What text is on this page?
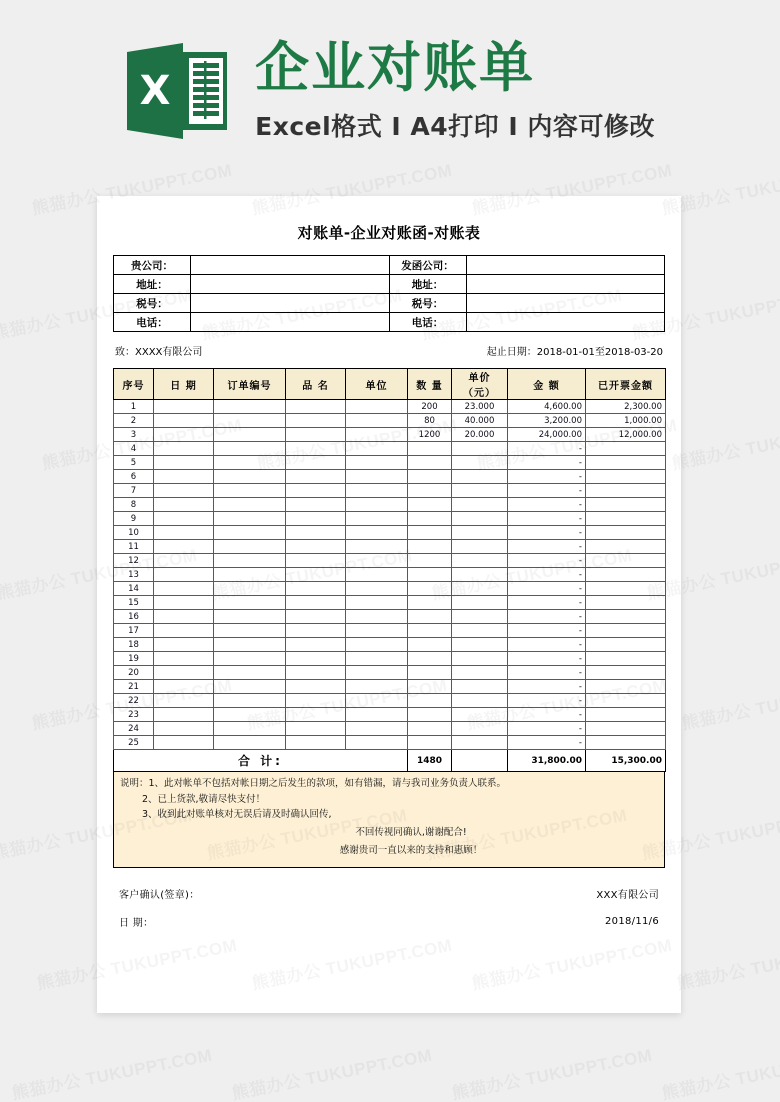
X 企业对账单
Excel格式 Ⅰ A4打印 Ⅰ 内容可修改
对账单-企业对账函-对账表
贵公司：		发函公司：	
地址：		地址：	
税号：		税号：	
电话：		电话：	
致：XXXX有限公司	起止日期：2018-01-01至2018-03-20
序号	日 期	订单编号	品 名	单位	数 量	单价（元）	金 额	已开票金额
1					200	23.000	4,600.00	2,300.00
2					80	40.000	3,200.00	1,000.00
3					1200	20.000	24,000.00	12,000.00
4							-	
5							-	
6							-	
7							-	
8							-	
9							-	
10							-	
11							-	
12							-	
13							-	
14							-	
15							-	
16							-	
17							-	
18							-	
19							-	
20							-	
21							-	
22							-	
23							-	
24							-	
25							-	
合 计:					1480		31,800.00	15,300.00
说明：1、此对帐单不包括对帐日期之后发生的款项，如有错漏，请与我司业务负责人联系。
2、已上货款,敬请尽快支付！
3、收到此对账单核对无误后请及时确认回传,
不回传视同确认,谢谢配合!
感谢贵司一直以来的支持和惠顾！
客户确认(签章)：	XXX有限公司
日 期：	2018/11/6
